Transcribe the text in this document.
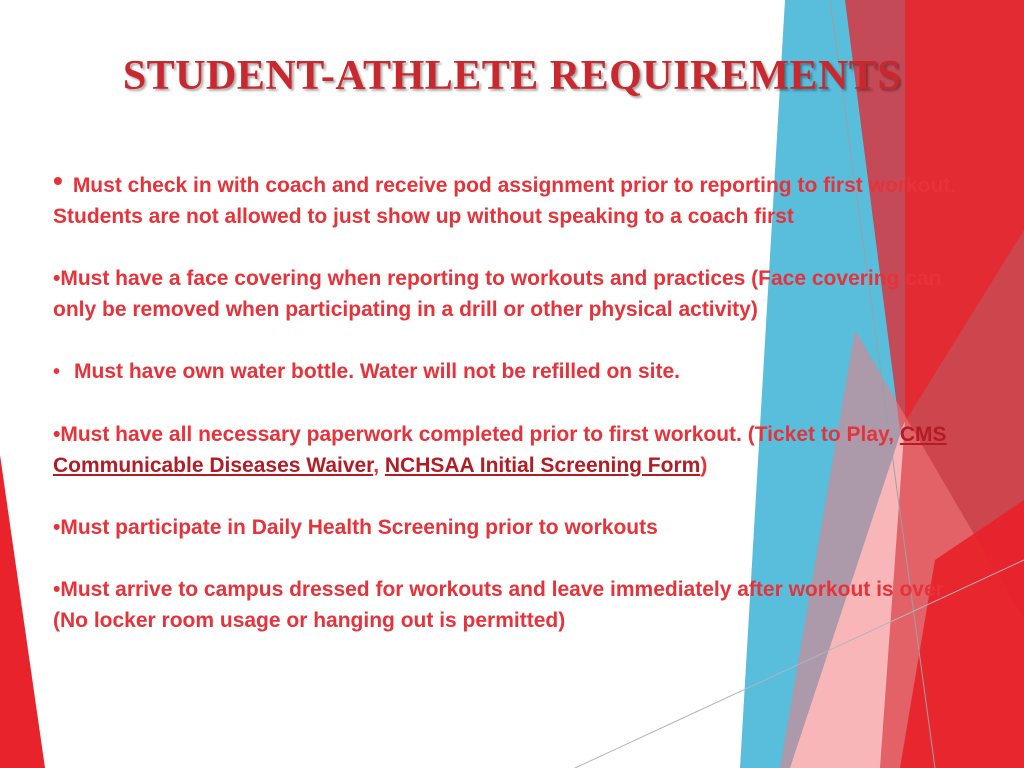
STUDENT-ATHLETE REQUIREMENTS

• Must check in with coach and receive pod assignment prior to reporting to first workout. Students are not allowed to just show up without speaking to a coach first

•Must have a face covering when reporting to workouts and practices (Face covering can only be removed when participating in a drill or other physical activity)

• Must have own water bottle. Water will not be refilled on site.

•Must have all necessary paperwork completed prior to first workout. (Ticket to Play, CMS Communicable Diseases Waiver, NCHSAA Initial Screening Form)

•Must participate in Daily Health Screening prior to workouts

•Must arrive to campus dressed for workouts and leave immediately after workout is over (No locker room usage or hanging out is permitted)
